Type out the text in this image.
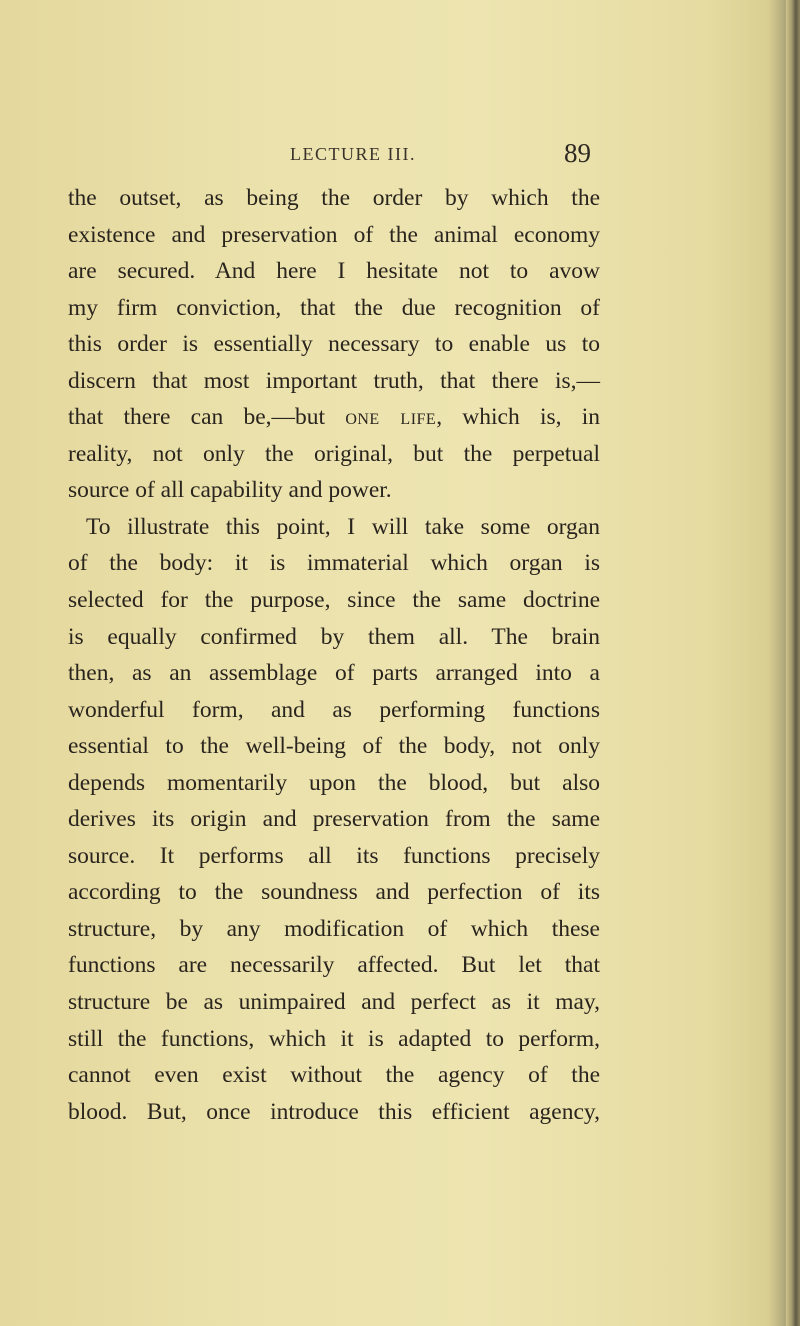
LECTURE III.	89
the outset, as being the order by which the
existence and preservation of the animal economy
are secured. And here I hesitate not to avow
my firm conviction, that the due recognition of
this order is essentially necessary to enable us to
discern that most important truth, that there is,—
that there can be,—but one life, which is, in
reality, not only the original, but the perpetual
source of all capability and power.
To illustrate this point, I will take some organ
of the body: it is immaterial which organ is
selected for the purpose, since the same doctrine
is equally confirmed by them all. The brain
then, as an assemblage of parts arranged into a
wonderful form, and as performing functions
essential to the well-being of the body, not only
depends momentarily upon the blood, but also
derives its origin and preservation from the same
source. It performs all its functions precisely
according to the soundness and perfection of its
structure, by any modification of which these
functions are necessarily affected. But let that
structure be as unimpaired and perfect as it may,
still the functions, which it is adapted to perform,
cannot even exist without the agency of the
blood. But, once introduce this efficient agency,
